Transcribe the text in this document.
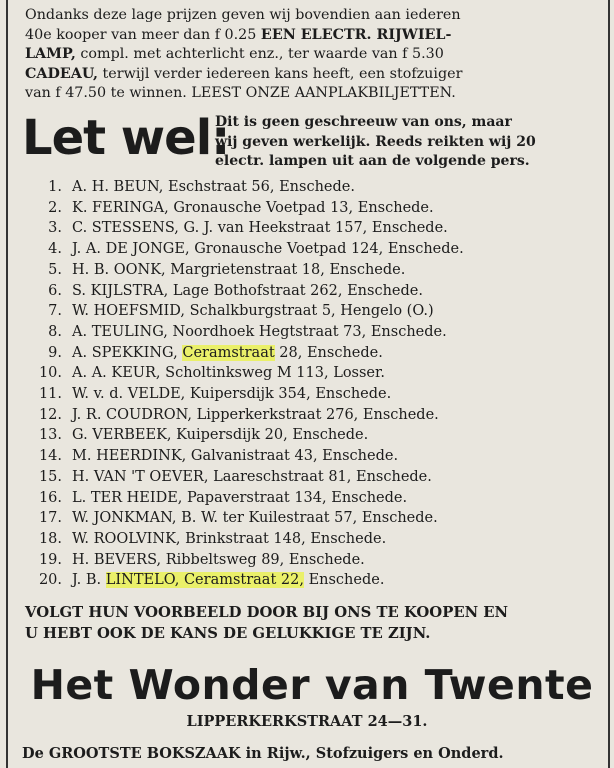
Ondanks deze lage prijzen geven wij bovendien aan iederen
40e kooper van meer dan f 0.25 EEN ELECTR. RIJWIEL-
LAMP, compl. met achterlicht enz., ter waarde van f 5.30
CADEAU, terwijl verder iedereen kans heeft, een stofzuiger
van f 47.50 te winnen. LEEST ONZE AANPLAKBILJETTEN.
Let wel:
Dit is geen geschreeuw van ons, maar
wij geven werkelijk. Reeds reikten wij 20
electr. lampen uit aan de volgende pers.
1. A. H. BEUN, Eschstraat 56, Enschede.
2. K. FERINGA, Gronausche Voetpad 13, Enschede.
3. C. STESSENS, G. J. van Heekstraat 157, Enschede.
4. J. A. DE JONGE, Gronausche Voetpad 124, Enschede.
5. H. B. OONK, Margrietenstraat 18, Enschede.
6. S. KIJLSTRA, Lage Bothofstraat 262, Enschede.
7. W. HOEFSMID, Schalkburgstraat 5, Hengelo (O.)
8. A. TEULING, Noordhoek Hegtstraat 73, Enschede.
9. A. SPEKKING, Ceramstraat 28, Enschede.
10. A. A. KEUR, Scholtinksweg M 113, Losser.
11. W. v. d. VELDE, Kuipersdijk 354, Enschede.
12. J. R. COUDRON, Lipperkerkstraat 276, Enschede.
13. G. VERBEEK, Kuipersdijk 20, Enschede.
14. M. HEERDINK, Galvanistraat 43, Enschede.
15. H. VAN 'T OEVER, Laareschstraat 81, Enschede.
16. L. TER HEIDE, Papaverstraat 134, Enschede.
17. W. JONKMAN, B. W. ter Kuilestraat 57, Enschede.
18. W. ROOLVINK, Brinkstraat 148, Enschede.
19. H. BEVERS, Ribbeltsweg 89, Enschede.
20. J. B. LINTELO, Ceramstraat 22, Enschede.
VOLGT HUN VOORBEELD DOOR BIJ ONS TE KOOPEN EN
U HEBT OOK DE KANS DE GELUKKIGE TE ZIJN.
Het Wonder van Twente
LIPPERKERKSTRAAT 24—31.
De GROOTSTE BOKSZAAK in Rijw., Stofzuigers en Onderd.
